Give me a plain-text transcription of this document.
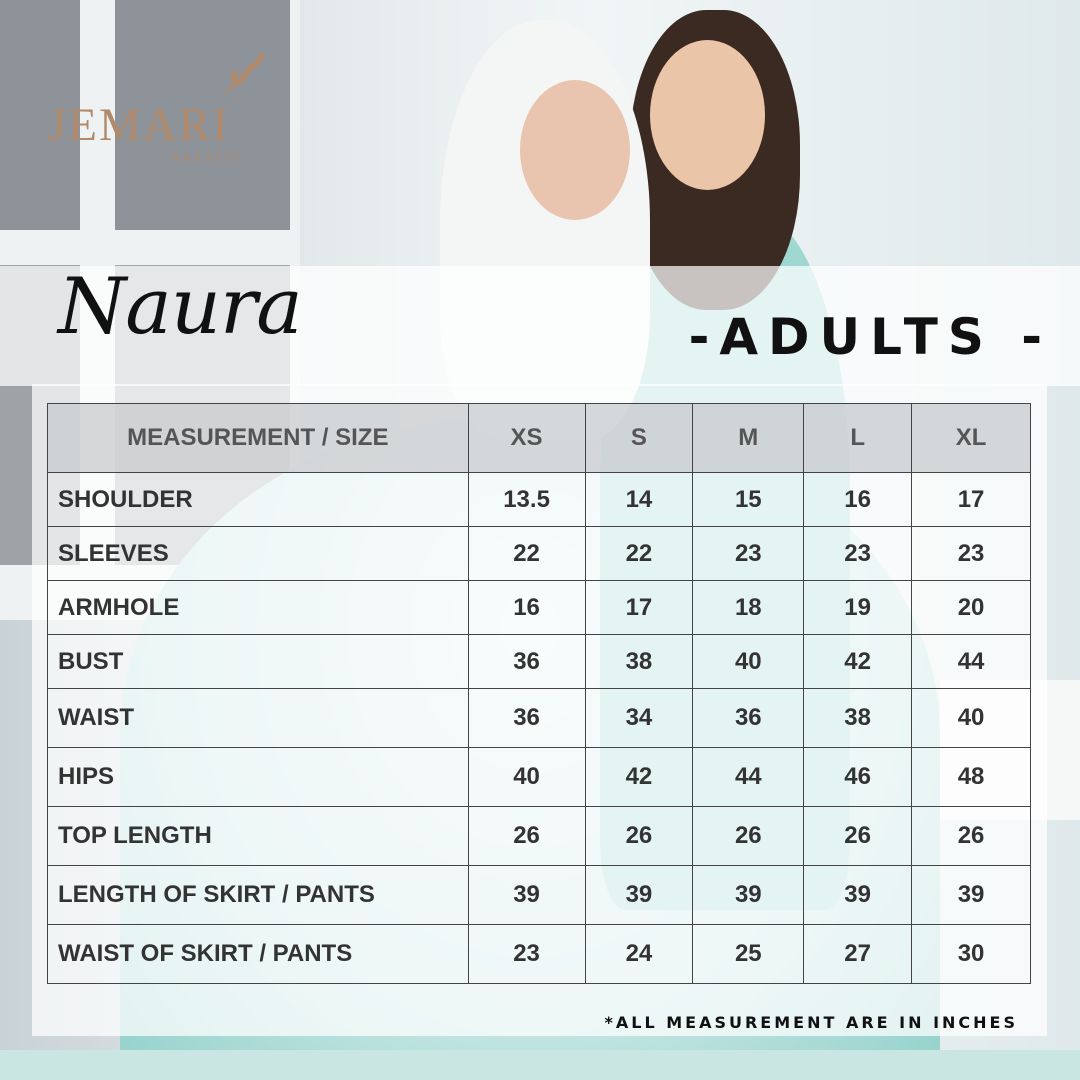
JEMARI
KREATIF
Naura	-ADULTS -
MEASUREMENT / SIZE	XS	S	M	L	XL
SHOULDER	13.5	14	15	16	17
SLEEVES	22	22	23	23	23
ARMHOLE	16	17	18	19	20
BUST	36	38	40	42	44
WAIST	36	34	36	38	40
HIPS	40	42	44	46	48
TOP LENGTH	26	26	26	26	26
LENGTH OF SKIRT / PANTS	39	39	39	39	39
WAIST OF SKIRT / PANTS	23	24	25	27	30
*ALL MEASUREMENT ARE IN INCHES
